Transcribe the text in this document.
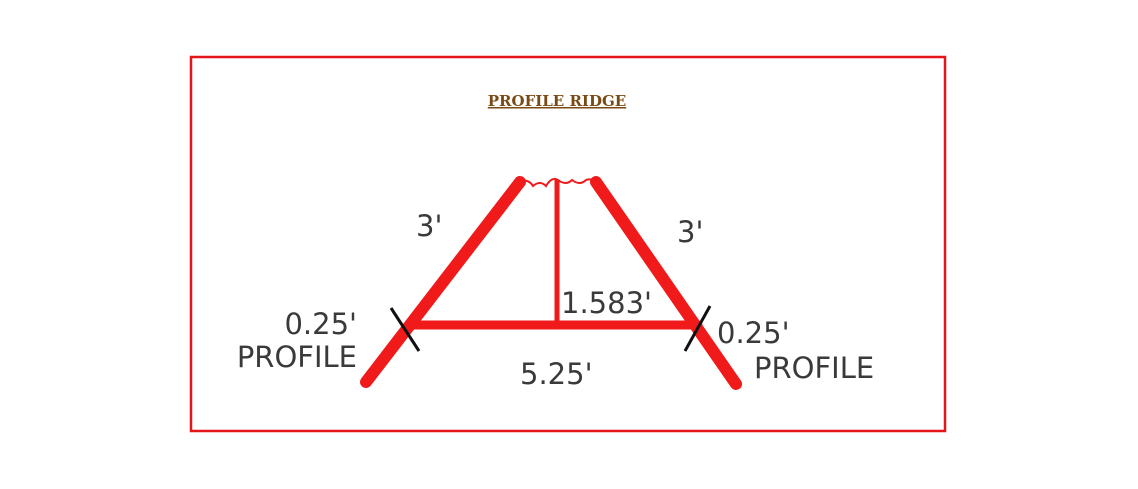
PROFILE RIDGE
3'	3'
1.583'
5.25'
0.25'
PROFILE
0.25'
PROFILE
